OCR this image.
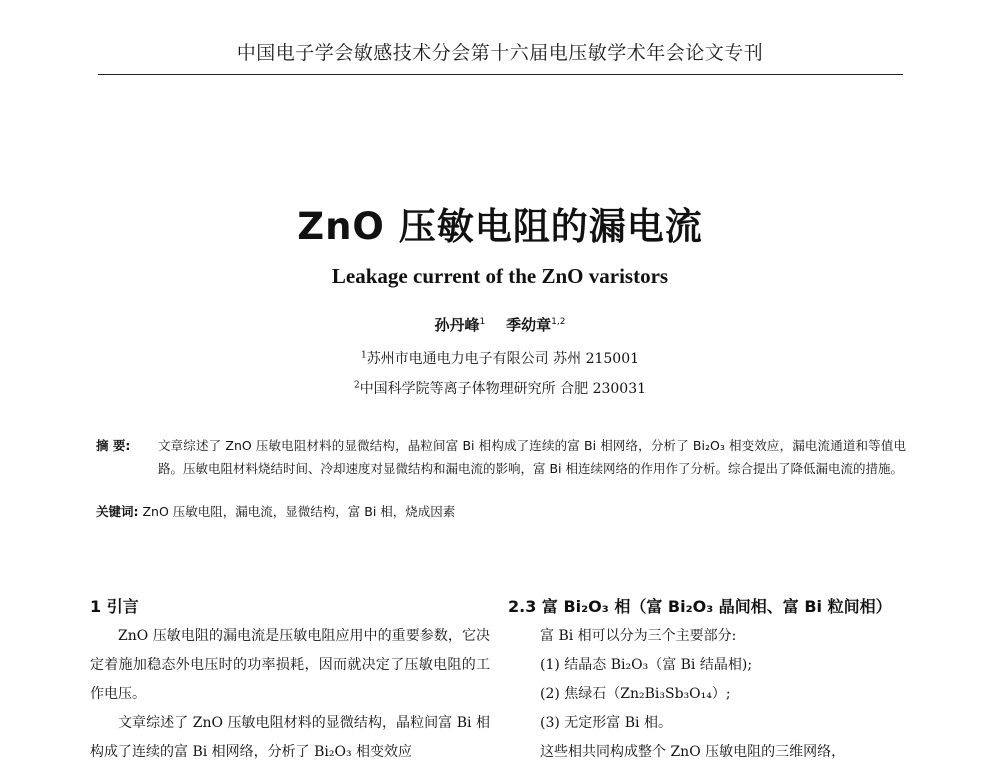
中国电子学会敏感技术分会第十六届电压敏学术年会论文专刊
ZnO 压敏电阻的漏电流
Leakage current of the ZnO varistors
孙丹峰$^1$ 季幼章$^{1,2}$
$^1$苏州市电通电力电子有限公司 苏州 215001
$^2$中国科学院等离子体物理研究所 合肥 230031
摘 要: 文章综述了 ZnO 压敏电阻材料的显微结构，晶粒间富 Bi 相构成了连续的富 Bi 相网络，分析了 Bi₂O₃ 相变效应，漏电流通道和等值电路。压敏电阻材料烧结时间、冷却速度对显微结构和漏电流的影响，富 Bi 相连续网络的作用作了分析。综合提出了降低漏电流的措施。
关键词: ZnO 压敏电阻，漏电流，显微结构，富 Bi 相，烧成因素
1 引言

ZnO 压敏电阻的漏电流是压敏电阻应用中的重要参数，它决定着施加稳态外电压时的功率损耗，因而就决定了压敏电阻的工作电压。

文章综述了 ZnO 压敏电阻材料的显微结构，晶粒间富 Bi 相构成了连续的富 Bi 相网络，分析了 Bi₂O₃ 相变效应

2.3 富 Bi₂O₃ 相（富 Bi₂O₃ 晶间相、富 Bi 粒间相）

富 Bi 相可以分为三个主要部分:

(1) 结晶态 Bi₂O₃（富 Bi 结晶相);

(2) 焦绿石（Zn₂Bi₃Sb₃O₁₄）;

(3) 无定形富 Bi 相。

这些相共同构成整个 ZnO 压敏电阻的三维网络，
